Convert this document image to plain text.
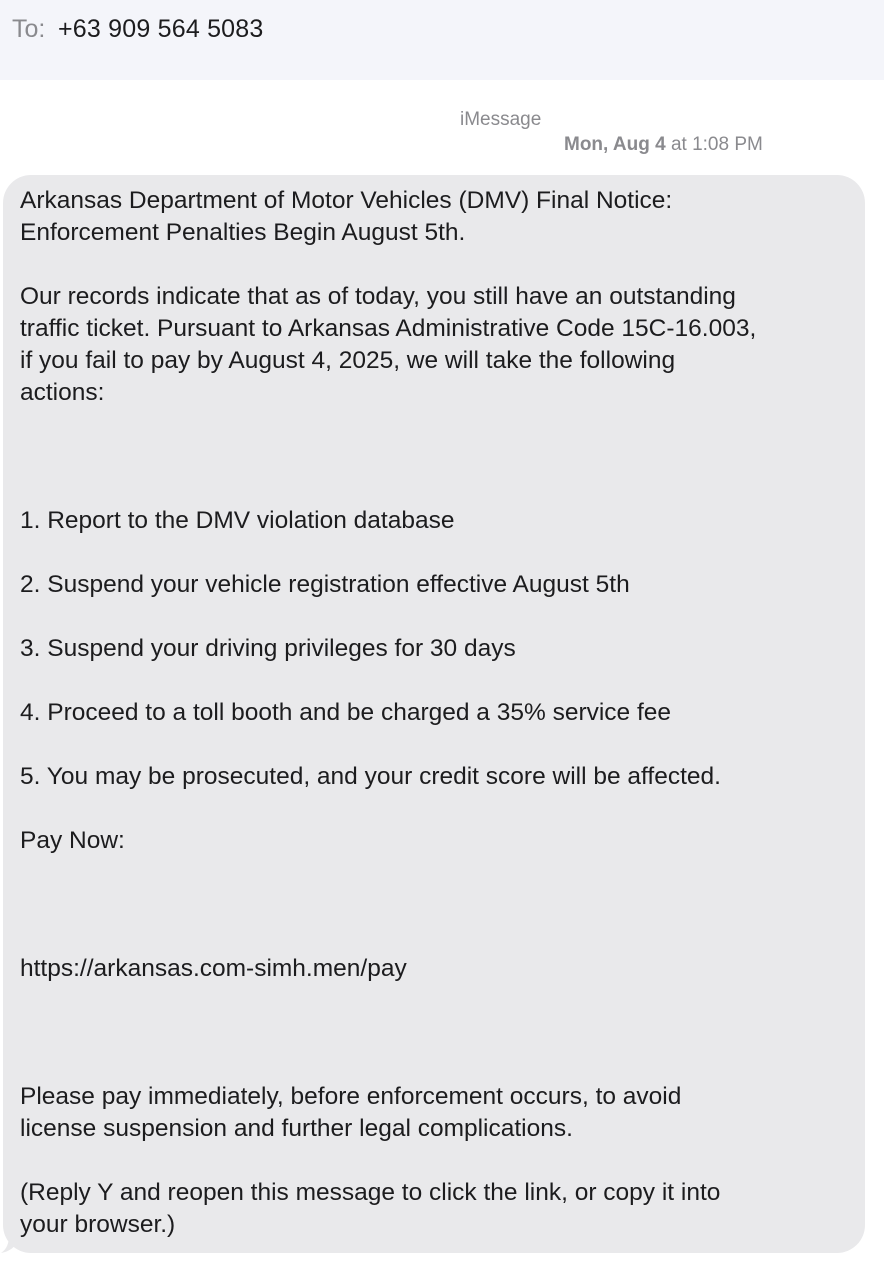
To: +63 909 564 5083
iMessage
Mon, Aug 4 at 1:08 PM
Arkansas Department of Motor Vehicles (DMV) Final Notice:
Enforcement Penalties Begin August 5th.
Our records indicate that as of today, you still have an outstanding
traffic ticket. Pursuant to Arkansas Administrative Code 15C-16.003,
if you fail to pay by August 4, 2025, we will take the following
actions:
1. Report to the DMV violation database
2. Suspend your vehicle registration effective August 5th
3. Suspend your driving privileges for 30 days
4. Proceed to a toll booth and be charged a 35% service fee
5. You may be prosecuted, and your credit score will be affected.
Pay Now:
https://arkansas.com-simh.men/pay
Please pay immediately, before enforcement occurs, to avoid
license suspension and further legal complications.
(Reply Y and reopen this message to click the link, or copy it into
your browser.)
